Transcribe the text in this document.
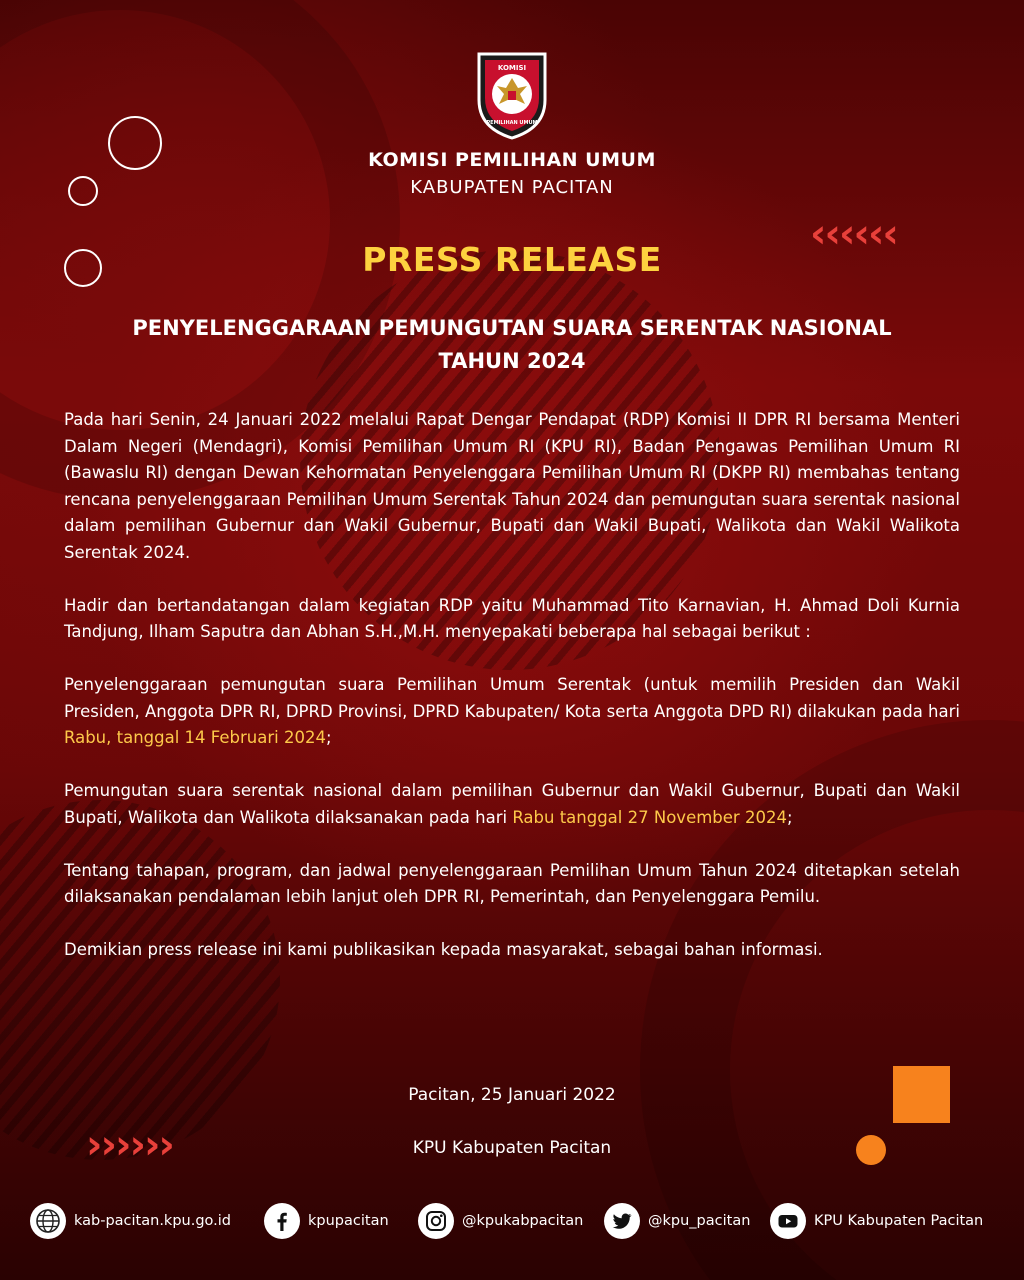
‹
‹
‹
‹
‹
‹
›
›
›
›
›
›
KOMISI
PEMILIHAN UMUM
KOMISI PEMILIHAN UMUM
KABUPATEN PACITAN
PRESS RELEASE
PENYELENGGARAAN PEMUNGUTAN SUARA SERENTAK NASIONAL
TAHUN 2024

Pada hari Senin, 24 Januari 2022 melalui Rapat Dengar Pendapat (RDP) Komisi II DPR RI bersama Menteri Dalam Negeri (Mendagri), Komisi Pemilihan Umum RI (KPU RI), Badan Pengawas Pemilihan Umum RI (Bawaslu RI) dengan Dewan Kehormatan Penyelenggara Pemilihan Umum RI (DKPP RI) membahas tentang rencana penyelenggaraan Pemilihan Umum Serentak Tahun 2024 dan pemungutan suara serentak nasional dalam pemilihan Gubernur dan Wakil Gubernur, Bupati dan Wakil Bupati, Walikota dan Wakil Walikota Serentak 2024.

Hadir dan bertandatangan dalam kegiatan RDP yaitu Muhammad Tito Karnavian, H. Ahmad Doli Kurnia Tandjung, Ilham Saputra dan Abhan S.H.,M.H. menyepakati beberapa hal sebagai berikut :

Penyelenggaraan pemungutan suara Pemilihan Umum Serentak (untuk memilih Presiden dan Wakil Presiden, Anggota DPR RI, DPRD Provinsi, DPRD Kabupaten/ Kota serta Anggota DPD RI) dilakukan pada hari Rabu, tanggal 14 Februari 2024;

Pemungutan suara serentak nasional dalam pemilihan Gubernur dan Wakil Gubernur, Bupati dan Wakil Bupati, Walikota dan Walikota dilaksanakan pada hari Rabu tanggal 27 November 2024;

Tentang tahapan, program, dan jadwal penyelenggaraan Pemilihan Umum Tahun 2024 ditetapkan setelah dilaksanakan pendalaman lebih lanjut oleh DPR RI, Pemerintah, dan Penyelenggara Pemilu.

Demikian press release ini kami publikasikan kepada masyarakat, sebagai bahan informasi.

Pacitan, 25 Januari 2022
KPU Kabupaten Pacitan
kab-pacitan.kpu.go.id	kpupacitan	@kpukabpacitan	@kpu_pacitan	KPU Kabupaten Pacitan
